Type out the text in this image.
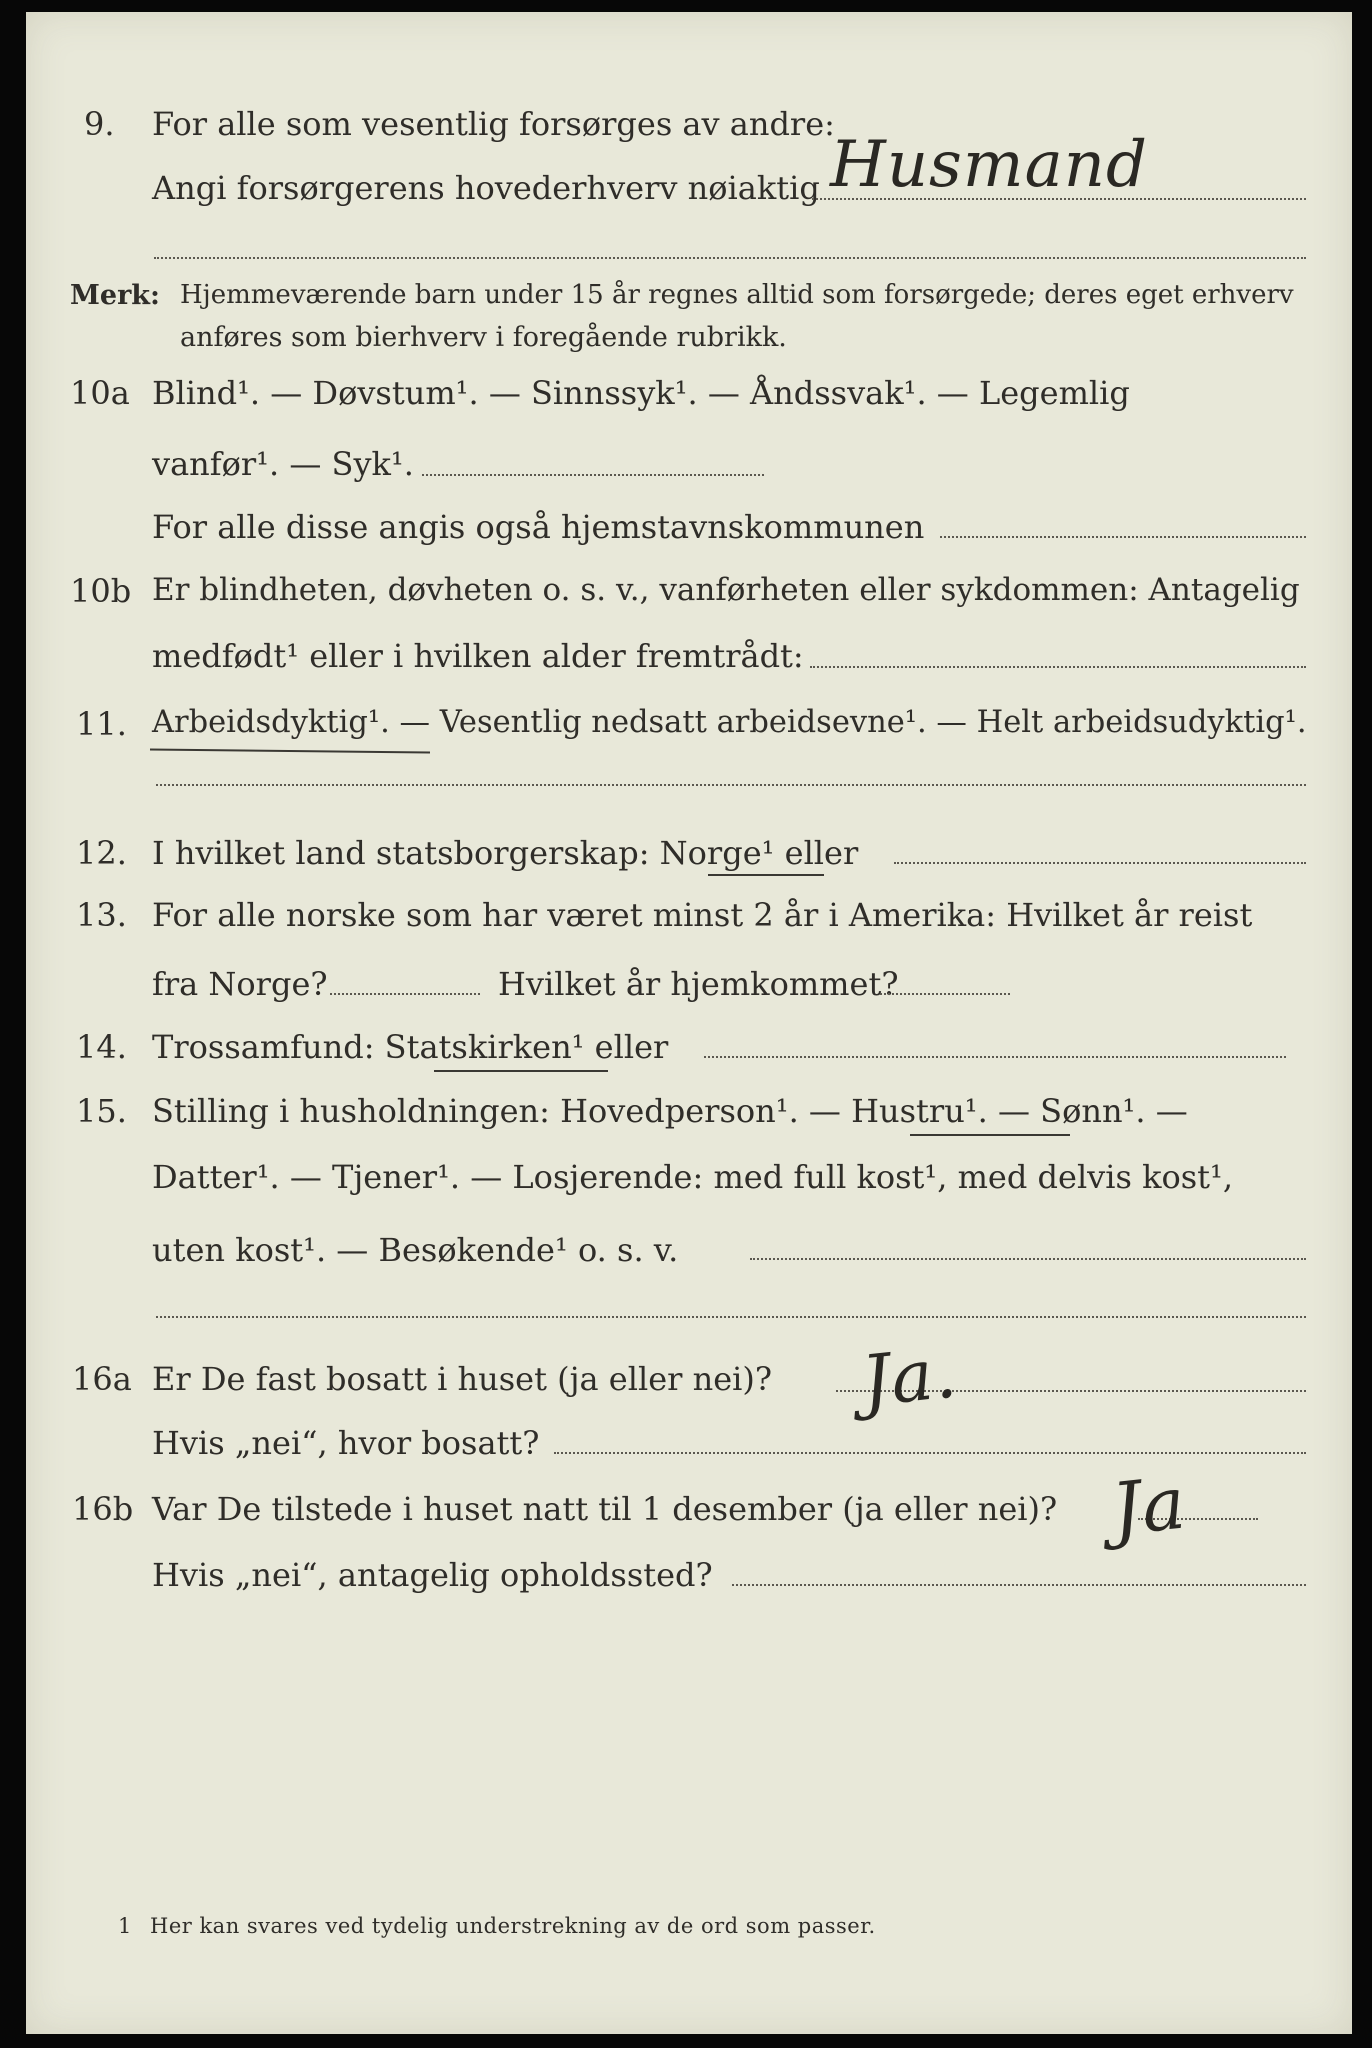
9. For alle som vesentlig forsørges av andre:
Angi forsørgerens hovederhverv nøiaktig Husmand
Merk: Hjemmeværende barn under 15 år regnes alltid som forsørgede; deres eget erhverv
anføres som bierhverv i foregående rubrikk.
10a Blind¹. — Døvstum¹. — Sinnssyk¹. — Åndssvak¹. — Legemlig
vanfør¹. — Syk¹.
For alle disse angis også hjemstavnskommunen
10b Er blindheten, døvheten o. s. v., vanførheten eller sykdommen: Antagelig
medfødt¹ eller i hvilken alder fremtrådt:
11. Arbeidsdyktig¹. — Vesentlig nedsatt arbeidsevne¹. — Helt arbeidsudyktig¹.
12. I hvilket land statsborgerskap: Norge¹ eller
13. For alle norske som har været minst 2 år i Amerika: Hvilket år reist
fra Norge?	Hvilket år hjemkommet?
14. Trossamfund: Statskirken¹ eller
15. Stilling i husholdningen: Hovedperson¹. — Hustru¹. — Sønn¹. —
Datter¹. — Tjener¹. — Losjerende: med full kost¹, med delvis kost¹,
uten kost¹. — Besøkende¹ o. s. v.
16a Er De fast bosatt i huset (ja eller nei)? Ja.
Hvis „nei“, hvor bosatt?
16b Var De tilstede i huset natt til 1 desember (ja eller nei)? Ja
Hvis „nei“, antagelig opholdssted?
1 Her kan svares ved tydelig understrekning av de ord som passer.
